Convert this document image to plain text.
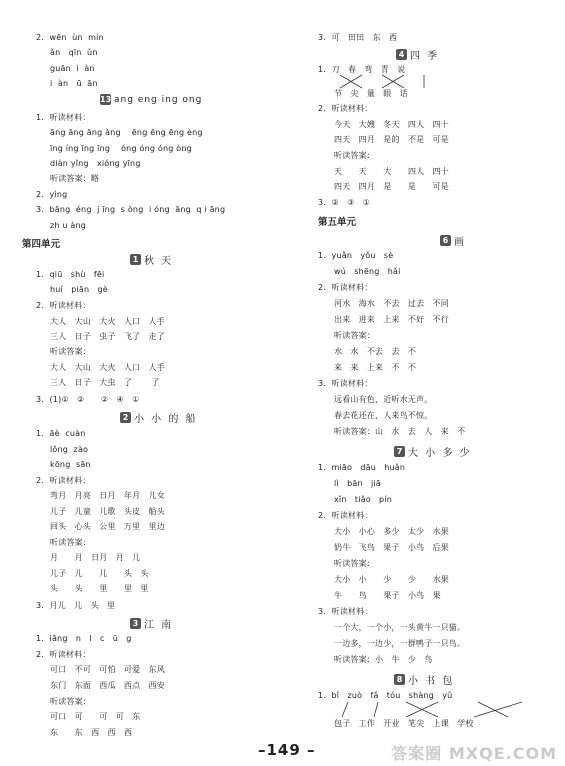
2.  wēn  ùn  mín
ǎn   qīn  ǔn
guān  i  àn
i  àn   ū  ān
13 ang eng ing ong
1.  听读材料：
āng āng āng àng    ēng ēng ēng èng
īng íng īng īng    óng óng óng òng
diàn yǐng   xióng yīng
听读答案：略
2.  yìng
3.  bāng  éng  j īng  s òng  i óng  āng  q i āng
zh u àng
第四单元
1 秋 天
1.  qiū   shù   fēi
huí   piān   gè
2.  听读材料：
大人   大山   大火   人口   人手
三人   日子   虫子   飞了   走了
听读答案：
大人   大山   大火   人口   人手
三人   日子   大虫   了       了
3.  (1)①   ②      ②   ④   ①
2 小 小 的 船
1.  āè  cuàn
lǒng  zào
kōng  sān
2.  听读材料：
弯月   月亮   日月   年月   儿女
儿子   儿童   儿歌   头皮   船头
回头   心头   公里   万里   里边
听读答案：
月      月   日月   月   儿
儿子   儿      儿      头   头
头      头      里      里   里
3.  月儿   儿   头   里
3 江 南
1.  iāng   n   l   c   ū   g
2.  听读材料：
可口   不可   可怕   可爱   东风
东门   东面   西瓜   西点   西安
听读答案：
可口   可      可   可   东
东      东   西   西   西
3.  可   田田   东   西
4 四 季
1.  刀   春   弯   青   说
节   尖   量   眼   话
2.  听读材料：
今天   大嫂   冬天   四人   四十
四天   四月   是的   不是   可是
听读答案：
天      天      大      四人   四十
四天   四月   是      是      可是
3.  ②   ③   ①
第五单元
6 画
1.  yuǎn   yǒu   sè
wú   shēng   hǎi
2.  听读材料：
河水   海水   不去   过去   不同
出来   进来   上来   不好   不行
听读答案：
水   水   不去   去   不
来   来   上来   不   不
3.  听读材料：
远看山有色，近听水无声。
春去花还在，人来鸟不惊。
听读答案：山   水   去   人   来   不
7 大 小 多 少
1.  miāo   dāu   huǎn
lì   bān   jiā
xǐn   tiǎo   pín
2.  听读材料：
大小   小心   多少   太少   水果
奶牛   飞鸟   果子   小鸟   后果
听读答案：
大小   小      少      少      水果
牛      鸟      果子   小鸟   果
3.  听读材料：
一个大，一个小，一头黄牛一只猫。
一边多，一边少，一群鸭子一只鸟。
听读答案：小   牛   少   鸟
8 小 书 包
1.  bǐ   zuò   fǎ   tóu   shàng   yǔ
包子   工作   开业   笔尖   上课   学校
–149 –	答案圈 MXQE.COM
